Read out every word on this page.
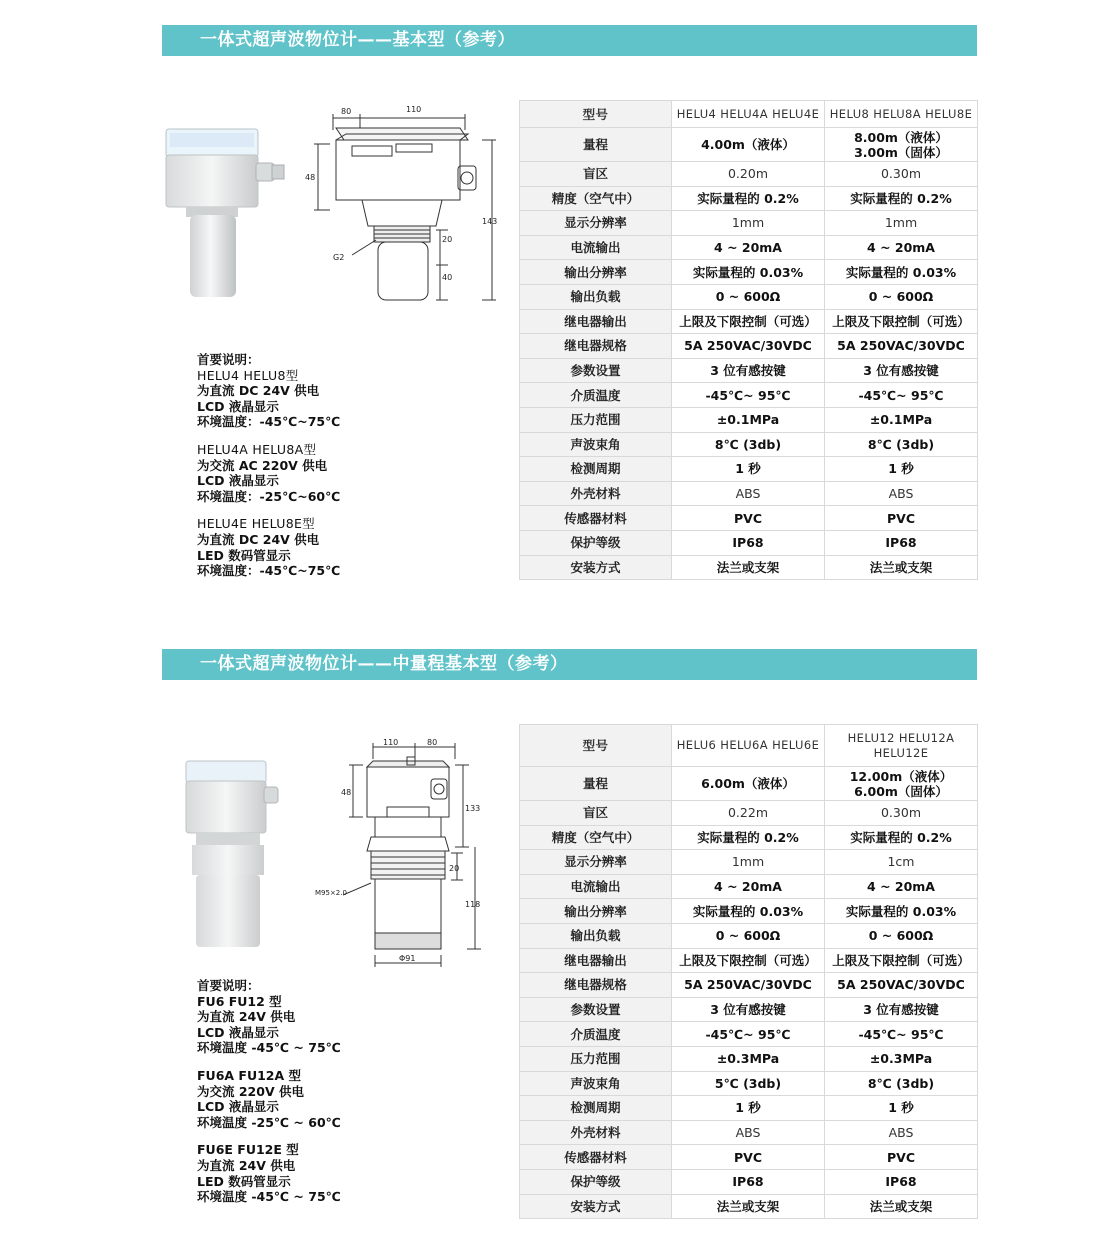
一体式超声波物位计——基本型（参考）
80	110
48
20
40
143
G2
首要说明：
HELU4 HELU8型
为直流 DC 24V 供电
LCD 液晶显示
环境温度：-45℃~75℃
HELU4A HELU8A型
为交流 AC 220V 供电
LCD 液晶显示
环境温度：-25℃~60℃
HELU4E HELU8E型
为直流 DC 24V 供电
LED 数码管显示
环境温度：-45℃~75℃
型号	HELU4 HELU4A HELU4E	HELU8 HELU8A HELU8E
量程	4.00m（液体）	8.00m（液体）
3.00m（固体）
盲区	0.20m	0.30m
精度（空气中）	实际量程的 0.2%	实际量程的 0.2%
显示分辨率	1mm	1mm
电流输出	4 ~ 20mA	4 ~ 20mA
输出分辨率	实际量程的 0.03%	实际量程的 0.03%
输出负载	0 ~ 600Ω	0 ~ 600Ω
继电器输出	上限及下限控制（可选）	上限及下限控制（可选）
继电器规格	5A 250VAC/30VDC	5A 250VAC/30VDC
参数设置	3 位有感按键	3 位有感按键
介质温度	-45℃~ 95℃	-45℃~ 95℃
压力范围	±0.1MPa	±0.1MPa
声波束角	8℃ (3db)	8℃ (3db)
检测周期	1 秒	1 秒
外壳材料	ABS	ABS
传感器材料	PVC	PVC
保护等级	IP68	IP68
安装方式	法兰或支架	法兰或支架
一体式超声波物位计——中量程基本型（参考）
110	80
48
133
20
118
M95×2.0
Φ91
首要说明：
FU6 FU12 型
为直流 24V 供电
LCD 液晶显示
环境温度 -45℃ ~ 75℃
FU6A FU12A 型
为交流 220V 供电
LCD 液晶显示
环境温度 -25℃ ~ 60℃
FU6E FU12E 型
为直流 24V 供电
LED 数码管显示
环境温度 -45℃ ~ 75℃
型号	HELU6 HELU6A HELU6E	HELU12 HELU12A HELU12E
量程	6.00m（液体）	12.00m（液体）
6.00m（固体）
盲区	0.22m	0.30m
精度（空气中）	实际量程的 0.2%	实际量程的 0.2%
显示分辨率	1mm	1cm
电流输出	4 ~ 20mA	4 ~ 20mA
输出分辨率	实际量程的 0.03%	实际量程的 0.03%
输出负载	0 ~ 600Ω	0 ~ 600Ω
继电器输出	上限及下限控制（可选）	上限及下限控制（可选）
继电器规格	5A 250VAC/30VDC	5A 250VAC/30VDC
参数设置	3 位有感按键	3 位有感按键
介质温度	-45℃~ 95℃	-45℃~ 95℃
压力范围	±0.3MPa	±0.3MPa
声波束角	5℃ (3db)	8℃ (3db)
检测周期	1 秒	1 秒
外壳材料	ABS	ABS
传感器材料	PVC	PVC
保护等级	IP68	IP68
安装方式	法兰或支架	法兰或支架
